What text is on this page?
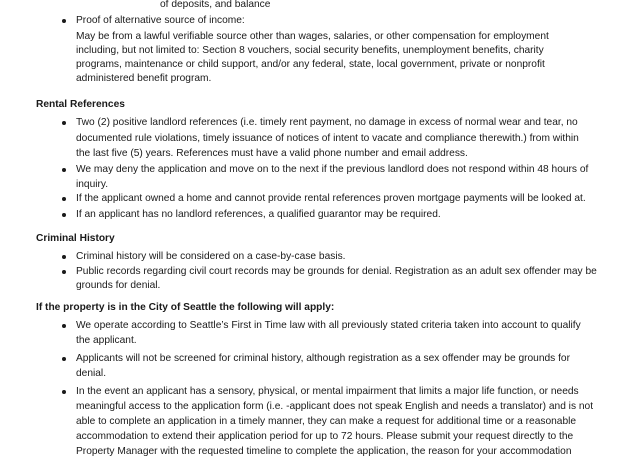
of deposits, and balance
Proof of alternative source of income:
May be from a lawful verifiable source other than wages, salaries, or other compensation for employment
including, but not limited to: Section 8 vouchers, social security benefits, unemployment benefits, charity
programs, maintenance or child support, and/or any federal, state, local government, private or nonprofit
administered benefit program.
Rental References
Two (2) positive landlord references (i.e. timely rent payment, no damage in excess of normal wear and tear, no
documented rule violations, timely issuance of notices of intent to vacate and compliance therewith.) from within
the last five (5) years. References must have a valid phone number and email address.
We may deny the application and move on to the next if the previous landlord does not respond within 48 hours of
inquiry.
If the applicant owned a home and cannot provide rental references proven mortgage payments will be looked at.
If an applicant has no landlord references, a qualified guarantor may be required.
Criminal History
Criminal history will be considered on a case-by-case basis.
Public records regarding civil court records may be grounds for denial. Registration as an adult sex offender may be
grounds for denial.
If the property is in the City of Seattle the following will apply:
We operate according to Seattle’s First in Time law with all previously stated criteria taken into account to qualify
the applicant.
Applicants will not be screened for criminal history, although registration as a sex offender may be grounds for
denial.
In the event an applicant has a sensory, physical, or mental impairment that limits a major life function, or needs
meaningful access to the application form (i.e. -applicant does not speak English and needs a translator) and is not
able to complete an application in a timely manner, they can make a request for additional time or a reasonable
accommodation to extend their application period for up to 72 hours. Please submit your request directly to the
Property Manager with the requested timeline to complete the application, the reason for your accommodation
